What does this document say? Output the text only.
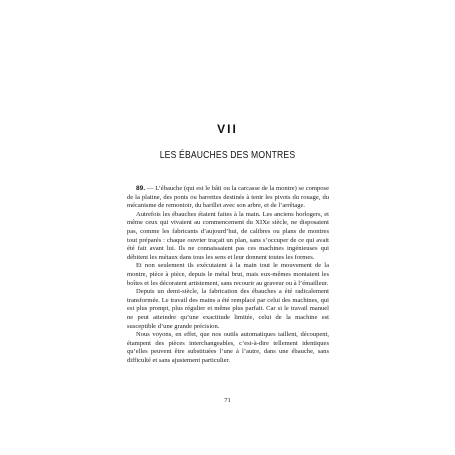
VII
LES ÉBAUCHES DES MONTRES

89. — L’ébauche (qui est le bâti ou la carcasse de la montre) se compose de la platine, des ponts ou barrettes destinés à tenir les pivots du rouage, du mécanisme de remontoir, du barillet avec son arbre, et de l’arrêtage.

Autrefois les ébauches étaient faites à la main. Les anciens horlogers, et même ceux qui vivaient au commencement du XIXe siècle, ne disposaient pas, comme les fabricants d’aujourd’hui, de calibres ou plans de montres tout préparés : chaque ouvrier traçait un plan, sans s’occuper de ce qui avait été fait avant lui. Ils ne connaissaient pas ces machines ingénieuses qui débitent les métaux dans tous les sens et leur donnent toutes les formes.

Et non seulement ils exécutaient à la main tout le mouvement de la montre, pièce à pièce, depuis le métal brut, mais eux-mêmes montaient les boîtes et les décoraient artistement, sans recourir au graveur ou à l’émailleur.

Depuis un demi-siècle, la fabrication des ébauches a été radicalement transformée. Le travail des mains a été remplacé par celui des machines, qui est plus prompt, plus régulier et même plus parfait. Car si le travail manuel ne peut atteindre qu’une exactitude limitée, celui de la machine est susceptible d’une grande précision.

Nous voyons, en effet, que nos outils automatiques taillent, découpent, étampent des pièces interchangeables, c’est-à-dire tellement identiques qu’elles peuvent être substituées l’une à l’autre, dans une ébauche, sans difficulté et sans ajustement particulier.

71
